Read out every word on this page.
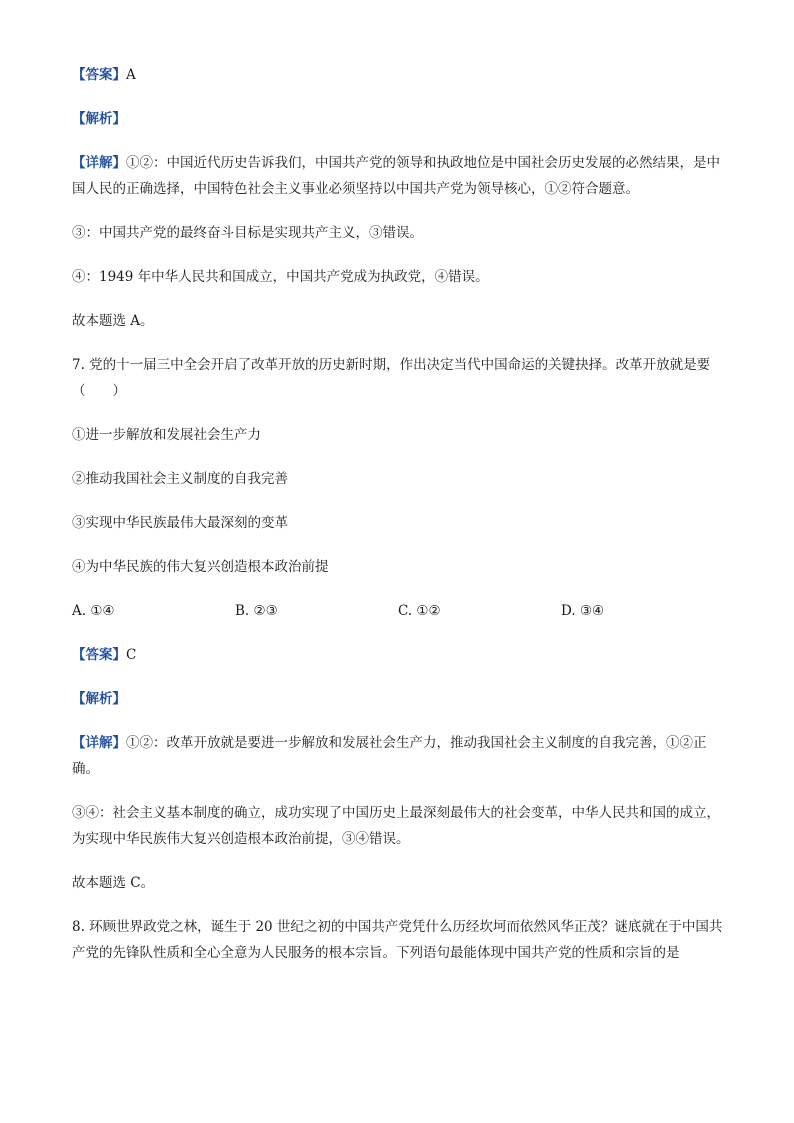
【答案】A

【解析】

【详解】①②：中国近代历史告诉我们，中国共产党的领导和执政地位是中国社会历史发展的必然结果，是中国人民的正确选择，中国特色社会主义事业必须坚持以中国共产党为领导核心，①②符合题意。

③：中国共产党的最终奋斗目标是实现共产主义，③错误。

④：1949 年中华人民共和国成立，中国共产党成为执政党，④错误。

故本题选 A。

7. 党的十一届三中全会开启了改革开放的历史新时期，作出决定当代中国命运的关键抉择。改革开放就是要（　　）

①进一步解放和发展社会生产力

②推动我国社会主义制度的自我完善

③实现中华民族最伟大最深刻的变革

④为中华民族的伟大复兴创造根本政治前提

A. ①④	B. ②③	C. ①②	D. ③④

【答案】C

【解析】

【详解】①②：改革开放就是要进一步解放和发展社会生产力，推动我国社会主义制度的自我完善，①②正确。

③④：社会主义基本制度的确立，成功实现了中国历史上最深刻最伟大的社会变革，中华人民共和国的成立，为实现中华民族伟大复兴创造根本政治前提，③④错误。

故本题选 C。

8. 环顾世界政党之林，诞生于 20 世纪之初的中国共产党凭什么历经坎坷而依然风华正茂？谜底就在于中国共产党的先锋队性质和全心全意为人民服务的根本宗旨。下列语句最能体现中国共产党的性质和宗旨的是
